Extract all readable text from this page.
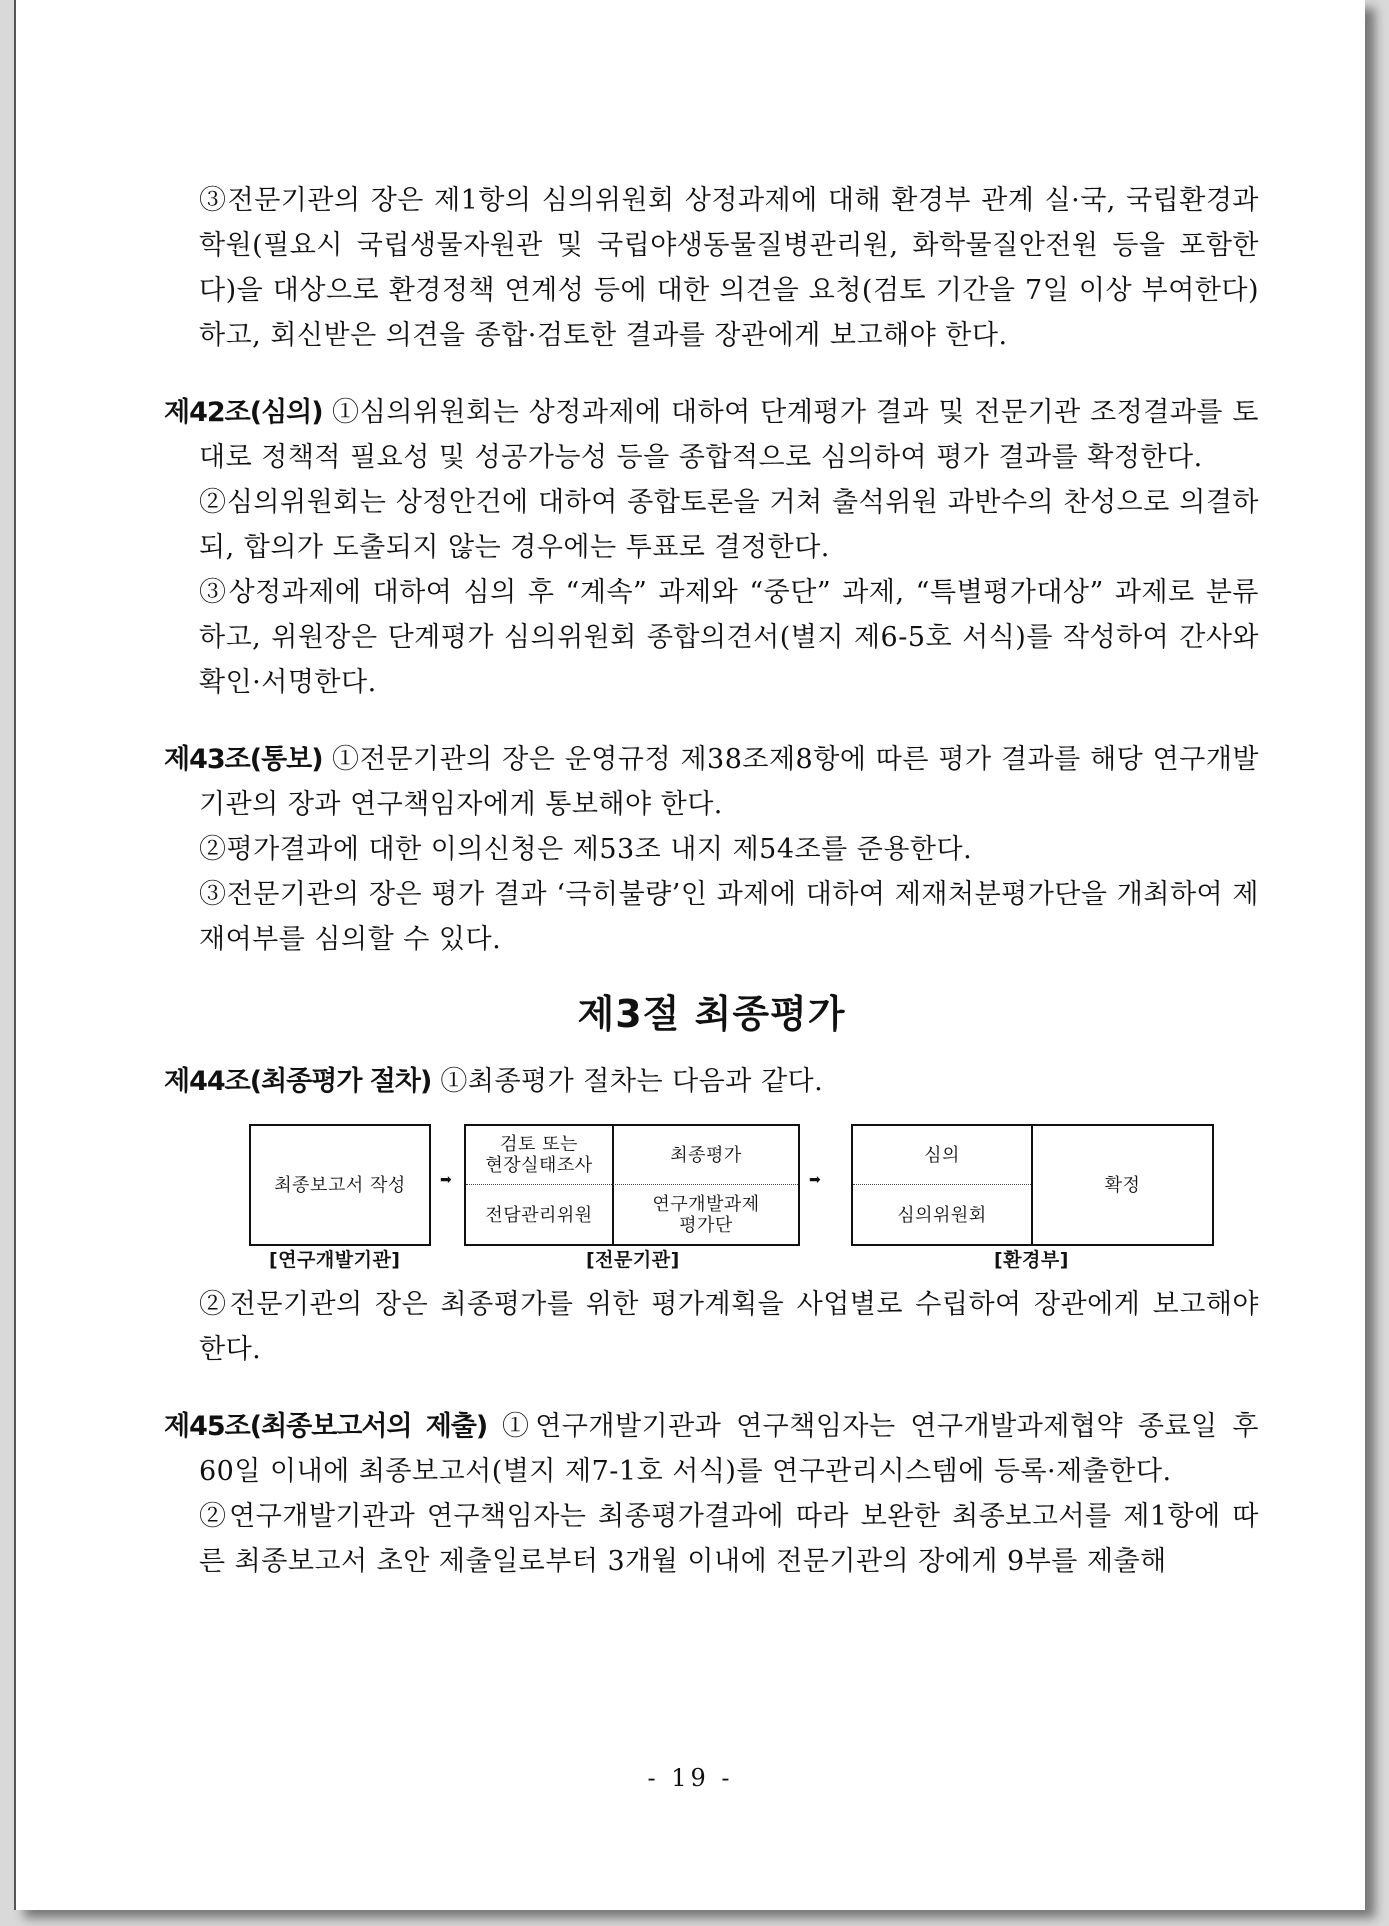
③전문기관의 장은 제1항의 심의위원회 상정과제에 대해 환경부 관계 실·국, 국립환경과학원(필요시 국립생물자원관 및 국립야생동물질병관리원, 화학물질안전원 등을 포함한다)을 대상으로 환경정책 연계성 등에 대한 의견을 요청(검토 기간을 7일 이상 부여한다)하고, 회신받은 의견을 종합·검토한 결과를 장관에게 보고해야 한다.

제42조(심의) ①심의위원회는 상정과제에 대하여 단계평가 결과 및 전문기관 조정결과를 토대로 정책적 필요성 및 성공가능성 등을 종합적으로 심의하여 평가 결과를 확정한다.

②심의위원회는 상정안건에 대하여 종합토론을 거쳐 출석위원 과반수의 찬성으로 의결하되, 합의가 도출되지 않는 경우에는 투표로 결정한다.

③상정과제에 대하여 심의 후 “계속” 과제와 “중단” 과제, “특별평가대상” 과제로 분류하고, 위원장은 단계평가 심의위원회 종합의견서(별지 제6-5호 서식)를 작성하여 간사와 확인·서명한다.

제43조(통보) ①전문기관의 장은 운영규정 제38조제8항에 따른 평가 결과를 해당 연구개발기관의 장과 연구책임자에게 통보해야 한다.

②평가결과에 대한 이의신청은 제53조 내지 제54조를 준용한다.

③전문기관의 장은 평가 결과 ‘극히불량’인 과제에 대하여 제재처분평가단을 개최하여 제재여부를 심의할 수 있다.

제3절 최종평가

제44조(최종평가 절차) ①최종평가 절차는 다음과 같다.

최종보고서 작성	➡
검토 또는
현장실태조사	최종평가
전담관리위원	연구개발과제
평가단
➡
심의
심의위원회
확정
[연구개발기관]	[전문기관]	[환경부]

②전문기관의 장은 최종평가를 위한 평가계획을 사업별로 수립하여 장관에게 보고해야 한다.

제45조(최종보고서의 제출) ①연구개발기관과 연구책임자는 연구개발과제협약 종료일 후 60일 이내에 최종보고서(별지 제7-1호 서식)를 연구관리시스템에 등록·제출한다.

②연구개발기관과 연구책임자는 최종평가결과에 따라 보완한 최종보고서를 제1항에 따른 최종보고서 초안 제출일로부터 3개월 이내에 전문기관의 장에게 9부를 제출해

- 19 -
